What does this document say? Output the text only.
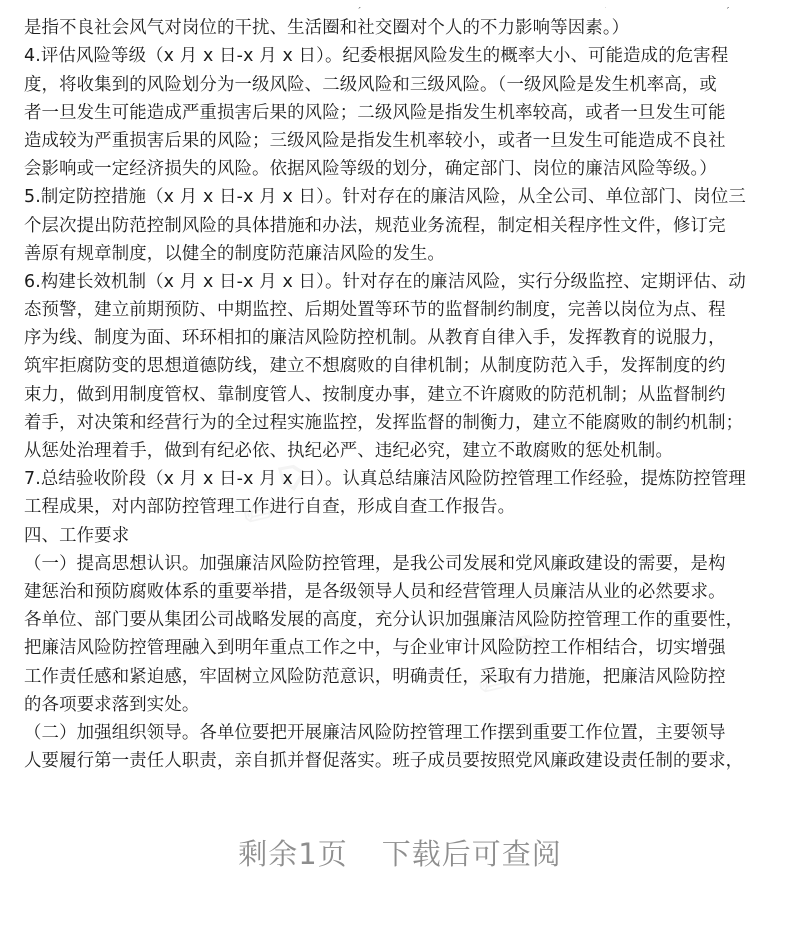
✎ ⌂
✎ ⌂
是指不良社会风气对岗位的干扰、生活圈和社交圈对个人的不力影响等因素。）
4.评估风险等级（x 月 x 日-x 月 x 日）。纪委根据风险发生的概率大小、可能造成的危害程
度，将收集到的风险划分为一级风险、二级风险和三级风险。（一级风险是发生机率高，或
者一旦发生可能造成严重损害后果的风险；二级风险是指发生机率较高，或者一旦发生可能
造成较为严重损害后果的风险；三级风险是指发生机率较小，或者一旦发生可能造成不良社
会影响或一定经济损失的风险。依据风险等级的划分，确定部门、岗位的廉洁风险等级。）
5.制定防控措施（x 月 x 日-x 月 x 日）。针对存在的廉洁风险，从全公司、单位部门、岗位三
个层次提出防范控制风险的具体措施和办法，规范业务流程，制定相关程序性文件，修订完
善原有规章制度，以健全的制度防范廉洁风险的发生。
6.构建长效机制（x 月 x 日-x 月 x 日）。针对存在的廉洁风险，实行分级监控、定期评估、动
态预警，建立前期预防、中期监控、后期处置等环节的监督制约制度，完善以岗位为点、程
序为线、制度为面、环环相扣的廉洁风险防控机制。从教育自律入手，发挥教育的说服力，
筑牢拒腐防变的思想道德防线，建立不想腐败的自律机制；从制度防范入手，发挥制度的约
束力，做到用制度管权、靠制度管人、按制度办事，建立不许腐败的防范机制；从监督制约
着手，对决策和经营行为的全过程实施监控，发挥监督的制衡力，建立不能腐败的制约机制；
从惩处治理着手，做到有纪必依、执纪必严、违纪必究，建立不敢腐败的惩处机制。
7.总结验收阶段（x 月 x 日-x 月 x 日）。认真总结廉洁风险防控管理工作经验，提炼防控管理
工程成果，对内部防控管理工作进行自查，形成自查工作报告。
四、工作要求
（一）提高思想认识。加强廉洁风险防控管理，是我公司发展和党风廉政建设的需要，是构
建惩治和预防腐败体系的重要举措，是各级领导人员和经营管理人员廉洁从业的必然要求。
各单位、部门要从集团公司战略发展的高度，充分认识加强廉洁风险防控管理工作的重要性，
把廉洁风险防控管理融入到明年重点工作之中，与企业审计风险防控工作相结合，切实增强
工作责任感和紧迫感，牢固树立风险防范意识，明确责任，采取有力措施，把廉洁风险防控
的各项要求落到实处。
（二）加强组织领导。各单位要把开展廉洁风险防控管理工作摆到重要工作位置，主要领导
人要履行第一责任人职责，亲自抓并督促落实。班子成员要按照党风廉政建设责任制的要求，
剩余1页 下载后可查阅
